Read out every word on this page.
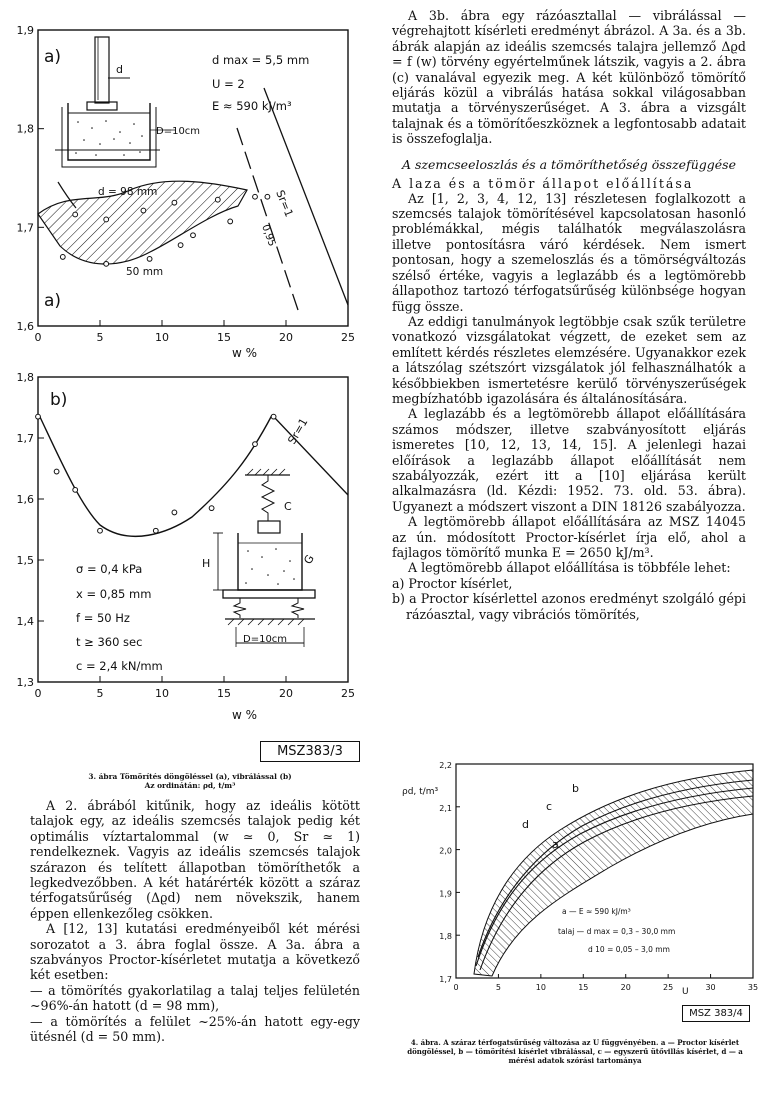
1,9
1,8
1,7
1,6
0	5	10	15	20	25
a)
a)
d max = 5,5 mm
U = 2
E ≈ 590 kJ/m³
d
D=10cm
d = 98 mm
50 mm
Sr=1
0,95
w %
1,8
1,7
1,6
1,5
1,4
1,3
0	5	10	15	20	25
b)
σ = 0,4 kPa
x = 0,85 mm
f = 50 Hz
t ≥ 360 sec
c = 2,4 kN/mm
C
G
H
D=10cm
Sr=1
w %
MSZ383/3
3. ábra Tömörítés döngöléssel (a), vibrálással (b)
Az ordinátán: ρd, t/m³

A 2. ábrából kitűnik, hogy az ideális kötött talajok egy, az ideális szemcsés talajok pedig két optimális víztartalommal (w ≃ 0, Sr ≃ 1) rendelkeznek. Vagyis az ideális szemcsés talajok szárazon és telített állapotban tömöríthetők a legkedvezőbben. A két határérték között a száraz térfogatsűrűség (Δϱd) nem növekszik, hanem éppen ellenkezőleg csökken.

A [12, 13] kutatási eredményeiből két mérési sorozatot a 3. ábra foglal össze. A 3a. ábra a szabványos Proctor-kísérletet mutatja a következő két esetben:

— a tömörítés gyakorlatilag a talaj teljes felületén ~96%-án hatott (d = 98 mm),
— a tömörítés a felület ~25%-án hatott egy-egy ütésnél (d = 50 mm).

A 3b. ábra egy rázóasztallal — vibrálással — végrehajtott kísérleti eredményt ábrázol. A 3a. és a 3b. ábrák alapján az ideális szemcsés talajra jellemző Δϱd = f (w) törvény egyértelműnek látszik, vagyis a 2. ábra (c) vanalával egyezik meg. A két különböző tömörítő eljárás közül a vibrálás hatása sokkal világosabban mutatja a törvényszerűséget. A 3. ábra a vizsgált talajnak és a tömörítőeszköznek a legfontosabb adatait is összefoglalja.

A szemcseeloszlás és a tömöríthetőség összefüggése
A laza és a tömör állapot előállítása

Az [1, 2, 3, 4, 12, 13] részletesen foglalkozott a szemcsés talajok tömörítésével kapcsolatosan hasonló problémákkal, mégis találhatók megválaszolásra illetve pontosításra váró kérdések. Nem ismert pontosan, hogy a szemeloszlás és a tömörségváltozás szélső értéke, vagyis a leglazább és a legtömörebb állapothoz tartozó térfogatsűrűség különbsége hogyan függ össze.

Az eddigi tanulmányok legtöbbje csak szűk területre vonatkozó vizsgálatokat végzett, de ezeket sem az említett kérdés részletes elemzésére. Ugyanakkor ezek a látszólag szétszórt vizsgálatok jól felhasználhatók a későbbiekben ismertetésre kerülő törvényszerűségek megbízhatóbb igazolására és általánosítására.

A leglazább és a legtömörebb állapot előállítására számos módszer, illetve szabványosított eljárás ismeretes [10, 12, 13, 14, 15]. A jelenlegi hazai előírások a leglazább állapot előállítását nem szabályozzák, ezért itt a [10] eljárása került alkalmazásra (ld. Kézdi: 1952. 73. old. 53. ábra). Ugyanezt a módszert viszont a DIN 18126 szabályozza.

A legtömörebb állapot előállítására az MSZ 14045 az ún. módosított Proctor-kísérlet írja elő, ahol a fajlagos tömörítő munka E = 2650 kJ/m³.

A legtömörebb állapot előállítása is többféle lehet:

a) Proctor kísérlet,
b) a Proctor kísérlettel azonos eredményt szolgáló gépi rázóasztal, vagy vibrációs tömörítés,
2,2
2,1
2,0
1,9
1,8
1,7
0	5	10	15	20	25	30	35
ρd, t/m³
U
a
b
c
d
a — E ≈ 590 kJ/m³
talaj — d max = 0,3 – 30,0 mm
d 10 = 0,05 – 3,0 mm
MSZ 383/4
4. ábra. A száraz térfogatsűrűség változása az U függvényében. a — Proctor kísérlet döngöléssel, b — tömörítési kísérlet vibrálással, c — egyszerű ütővillás kísérlet, d — a mérési adatok szórási tartománya
